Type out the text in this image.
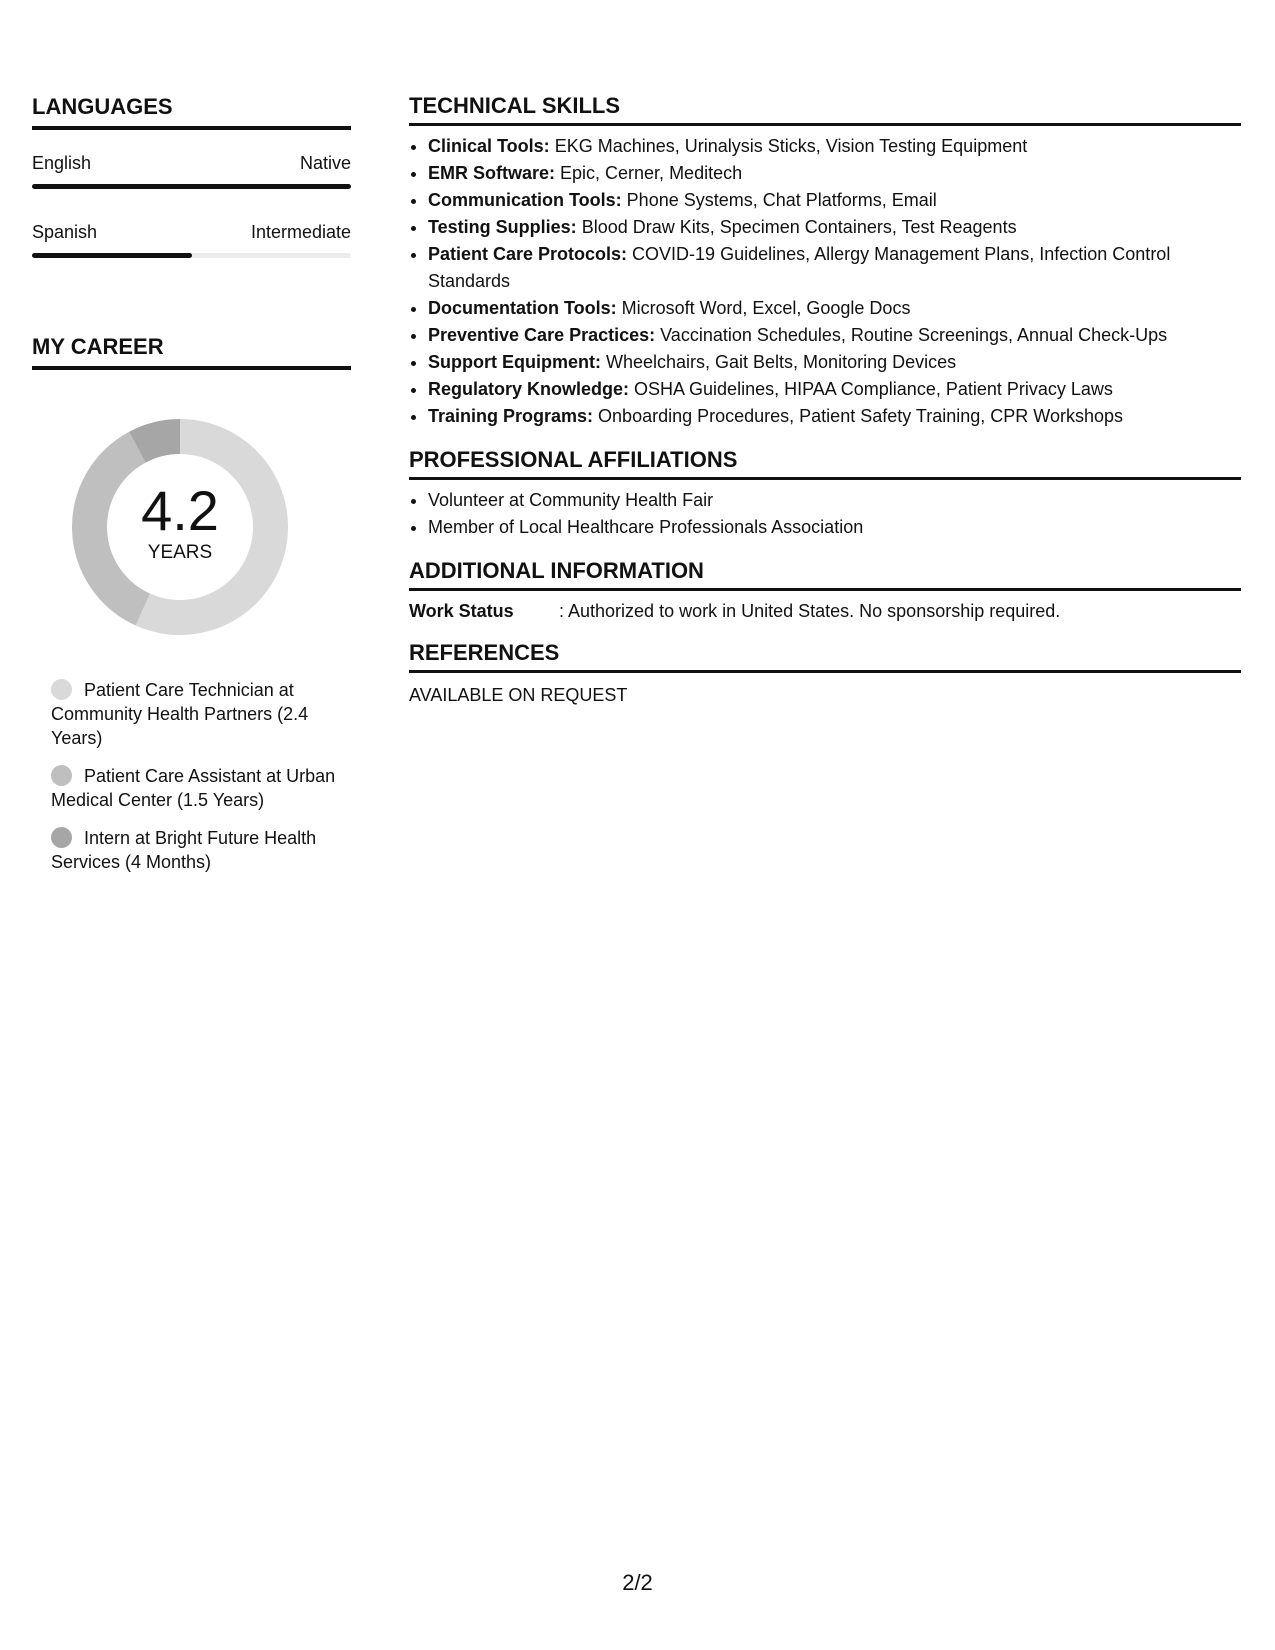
LANGUAGES
English	Native
Spanish	Intermediate
MY CAREER
4.2
YEARS
Patient Care Technician at Community Health Partners (2.4 Years)
Patient Care Assistant at Urban Medical Center (1.5 Years)
Intern at Bright Future Health Services (4 Months)
TECHNICAL SKILLS
• Clinical Tools: EKG Machines, Urinalysis Sticks, Vision Testing Equipment
• EMR Software: Epic, Cerner, Meditech
• Communication Tools: Phone Systems, Chat Platforms, Email
• Testing Supplies: Blood Draw Kits, Specimen Containers, Test Reagents
• Patient Care Protocols: COVID-19 Guidelines, Allergy Management Plans, Infection Control Standards
• Documentation Tools: Microsoft Word, Excel, Google Docs
• Preventive Care Practices: Vaccination Schedules, Routine Screenings, Annual Check-Ups
• Support Equipment: Wheelchairs, Gait Belts, Monitoring Devices
• Regulatory Knowledge: OSHA Guidelines, HIPAA Compliance, Patient Privacy Laws
• Training Programs: Onboarding Procedures, Patient Safety Training, CPR Workshops
PROFESSIONAL AFFILIATIONS
• Volunteer at Community Health Fair
• Member of Local Healthcare Professionals Association
ADDITIONAL INFORMATION
Work Status	: Authorized to work in United States. No sponsorship required.
REFERENCES
AVAILABLE ON REQUEST
2/2
